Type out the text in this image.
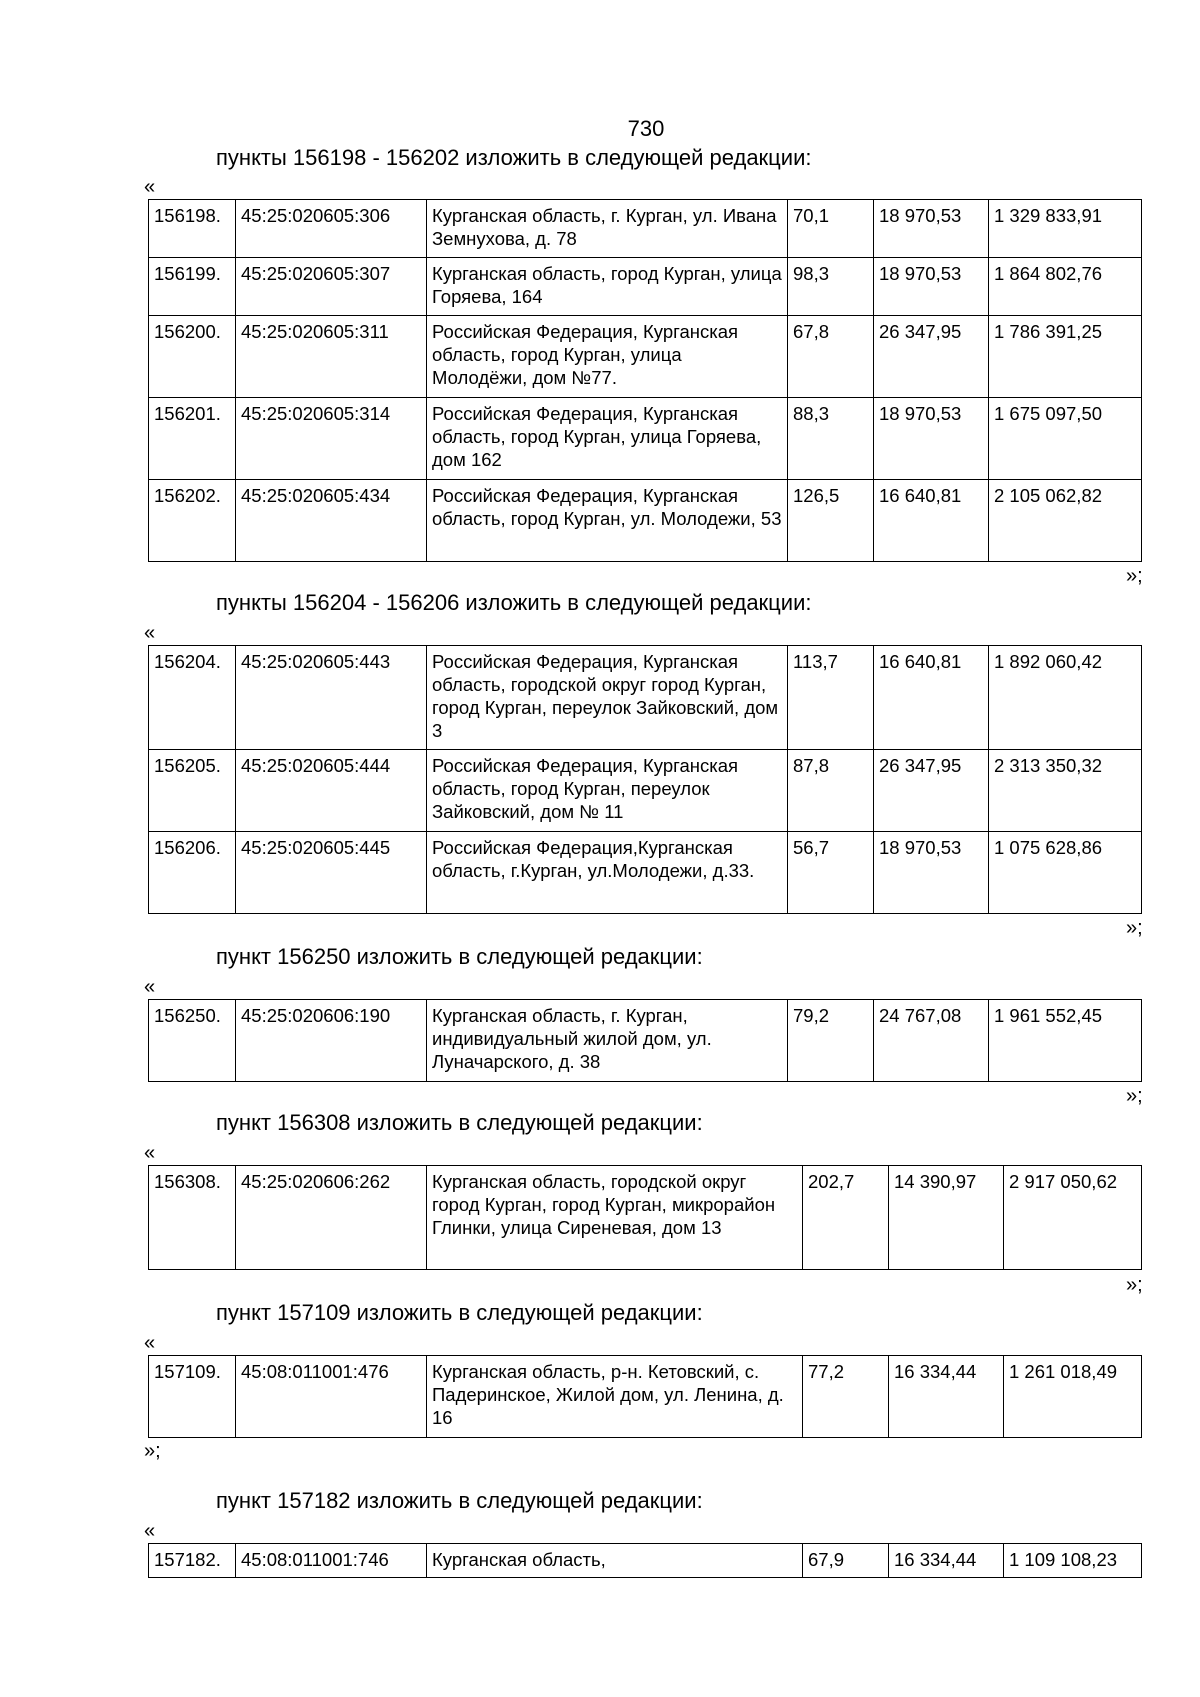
730
пункты 156198 - 156202 изложить в следующей редакции:
«
156198.	45:25:020605:306	Курганская область, г. Курган, ул. Ивана Земнухова, д. 78	70,1	18 970,53	1 329 833,91
156199.	45:25:020605:307	Курганская область, город Курган, улица Горяева, 164	98,3	18 970,53	1 864 802,76
156200.	45:25:020605:311	Российская Федерация, Курганская область, город Курган, улица Молодёжи, дом №77.	67,8	26 347,95	1 786 391,25
156201.	45:25:020605:314	Российская Федерация, Курганская область, город Курган, улица Горяева, дом 162	88,3	18 970,53	1 675 097,50
156202.	45:25:020605:434	Российская Федерация, Курганская область, город Курган, ул. Молодежи, 53	126,5	16 640,81	2 105 062,82
»;
пункты 156204 - 156206 изложить в следующей редакции:
«
156204.	45:25:020605:443	Российская Федерация, Курганская область, городской округ город Курган, город Курган, переулок Зайковский, дом 3	113,7	16 640,81	1 892 060,42
156205.	45:25:020605:444	Российская Федерация, Курганская область, город Курган, переулок Зайковский, дом № 11	87,8	26 347,95	2 313 350,32
156206.	45:25:020605:445	Российская Федерация,Курганская область, г.Курган, ул.Молодежи, д.33.	56,7	18 970,53	1 075 628,86
»;
пункт 156250 изложить в следующей редакции:
«
156250.	45:25:020606:190	Курганская область, г. Курган, индивидуальный жилой дом, ул. Луначарского, д. 38	79,2	24 767,08	1 961 552,45
»;
пункт 156308 изложить в следующей редакции:
«
156308.	45:25:020606:262	Курганская область, городской округ город Курган, город Курган, микрорайон Глинки, улица Сиреневая, дом 13	202,7	14 390,97	2 917 050,62
»;
пункт 157109 изложить в следующей редакции:
«
157109.	45:08:011001:476	Курганская область, р-н. Кетовский, с. Падеринское, Жилой дом, ул. Ленина, д. 16	77,2	16 334,44	1 261 018,49
»;
пункт 157182 изложить в следующей редакции:
«
157182.	45:08:011001:746	Курганская область,	67,9	16 334,44	1 109 108,23
